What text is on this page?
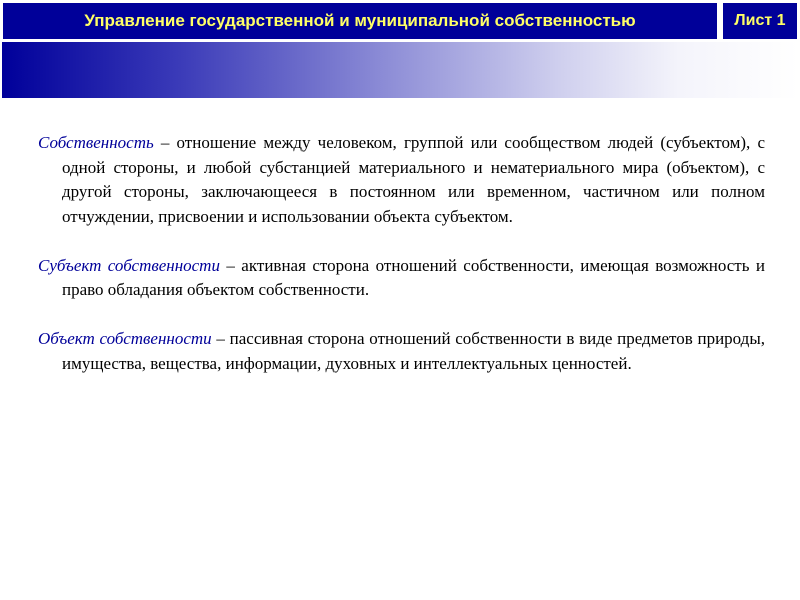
Управление государственной и муниципальной собственностью	Лист 1

Собственность – отношение между человеком, группой или сообществом людей (субъектом), с одной стороны, и любой субстанцией материального и нематериального мира (объектом), с другой стороны, заключающееся в постоянном или временном, частичном или полном отчуждении, присвоении и использовании объекта субъектом.

Субъект собственности – активная сторона отношений собственности, имеющая возможность и право обладания объектом собственности.

Объект собственности – пассивная сторона отношений собственности в виде предметов природы, имущества, вещества, информации, духовных и интеллектуальных ценностей.
